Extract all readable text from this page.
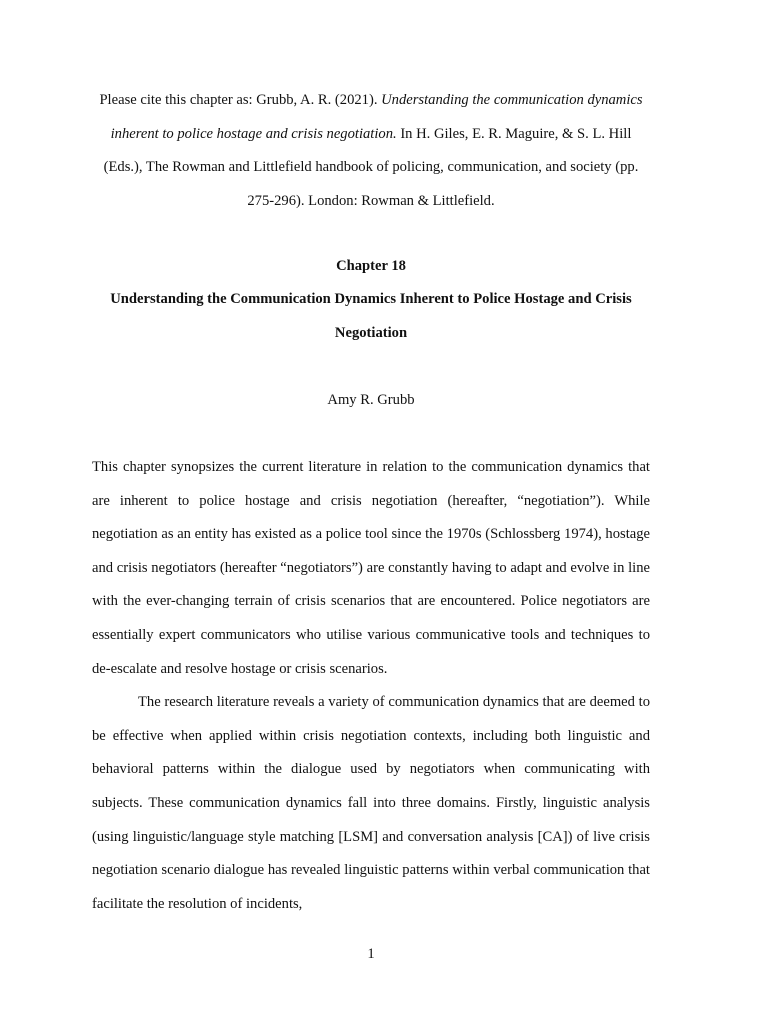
Please cite this chapter as: Grubb, A. R. (2021). Understanding the communication dynamics inherent to police hostage and crisis negotiation. In H. Giles, E. R. Maguire, & S. L. Hill (Eds.), The Rowman and Littlefield handbook of policing, communication, and society (pp. 275-296). London: Rowman & Littlefield.
Chapter 18
Understanding the Communication Dynamics Inherent to Police Hostage and Crisis Negotiation
Amy R. Grubb

This chapter synopsizes the current literature in relation to the communication dynamics that are inherent to police hostage and crisis negotiation (hereafter, “negotiation”). While negotiation as an entity has existed as a police tool since the 1970s (Schlossberg 1974), hostage and crisis negotiators (hereafter “negotiators”) are constantly having to adapt and evolve in line with the ever-changing terrain of crisis scenarios that are encountered. Police negotiators are essentially expert communicators who utilise various communicative tools and techniques to de-escalate and resolve hostage or crisis scenarios.

The research literature reveals a variety of communication dynamics that are deemed to be effective when applied within crisis negotiation contexts, including both linguistic and behavioral patterns within the dialogue used by negotiators when communicating with subjects. These communication dynamics fall into three domains. Firstly, linguistic analysis (using linguistic/language style matching [LSM] and conversation analysis [CA]) of live crisis negotiation scenario dialogue has revealed linguistic patterns within verbal communication that facilitate the resolution of incidents,

1
